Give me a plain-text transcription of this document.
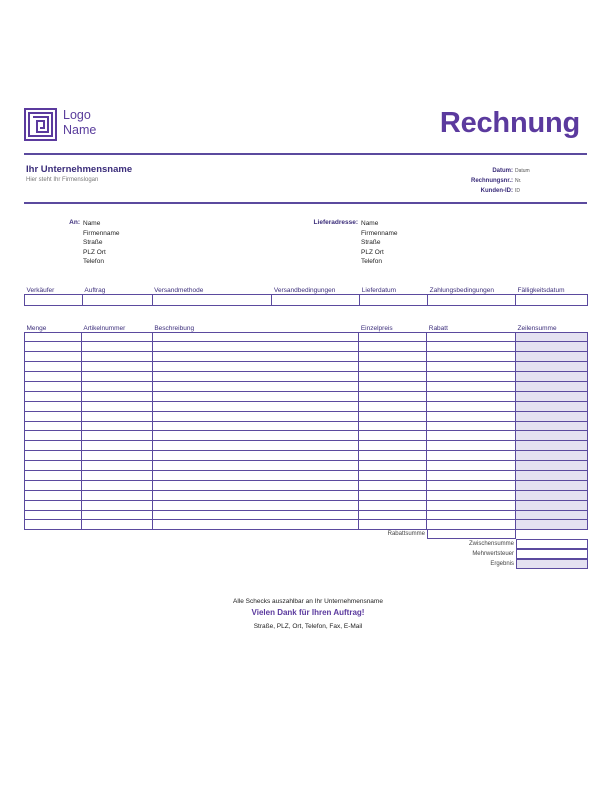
Logo
Name	Rechnung
Ihr Unternehmensname
Hier steht Ihr Firmenslogan
Datum: Datum
Rechnungsnr.: Nr.
Kunden-ID: ID
An: Name
Firmenname
Straße
PLZ Ort
Telefon
Lieferadresse: Name
Firmenname
Straße
PLZ Ort
Telefon
Verkäufer	Auftrag	Versandmethode	Versandbedingungen	Lieferdatum	Zahlungsbedingungen	Fälligkeitsdatum

Menge	Artikelnummer	Beschreibung	Einzelpreis	Rabatt	Zeilensumme

Rabattsumme
Zwischensumme
Mehrwertsteuer
Ergebnis
Alle Schecks auszahlbar an Ihr Unternehmensname
Vielen Dank für Ihren Auftrag!
Straße, PLZ, Ort, Telefon, Fax, E-Mail
